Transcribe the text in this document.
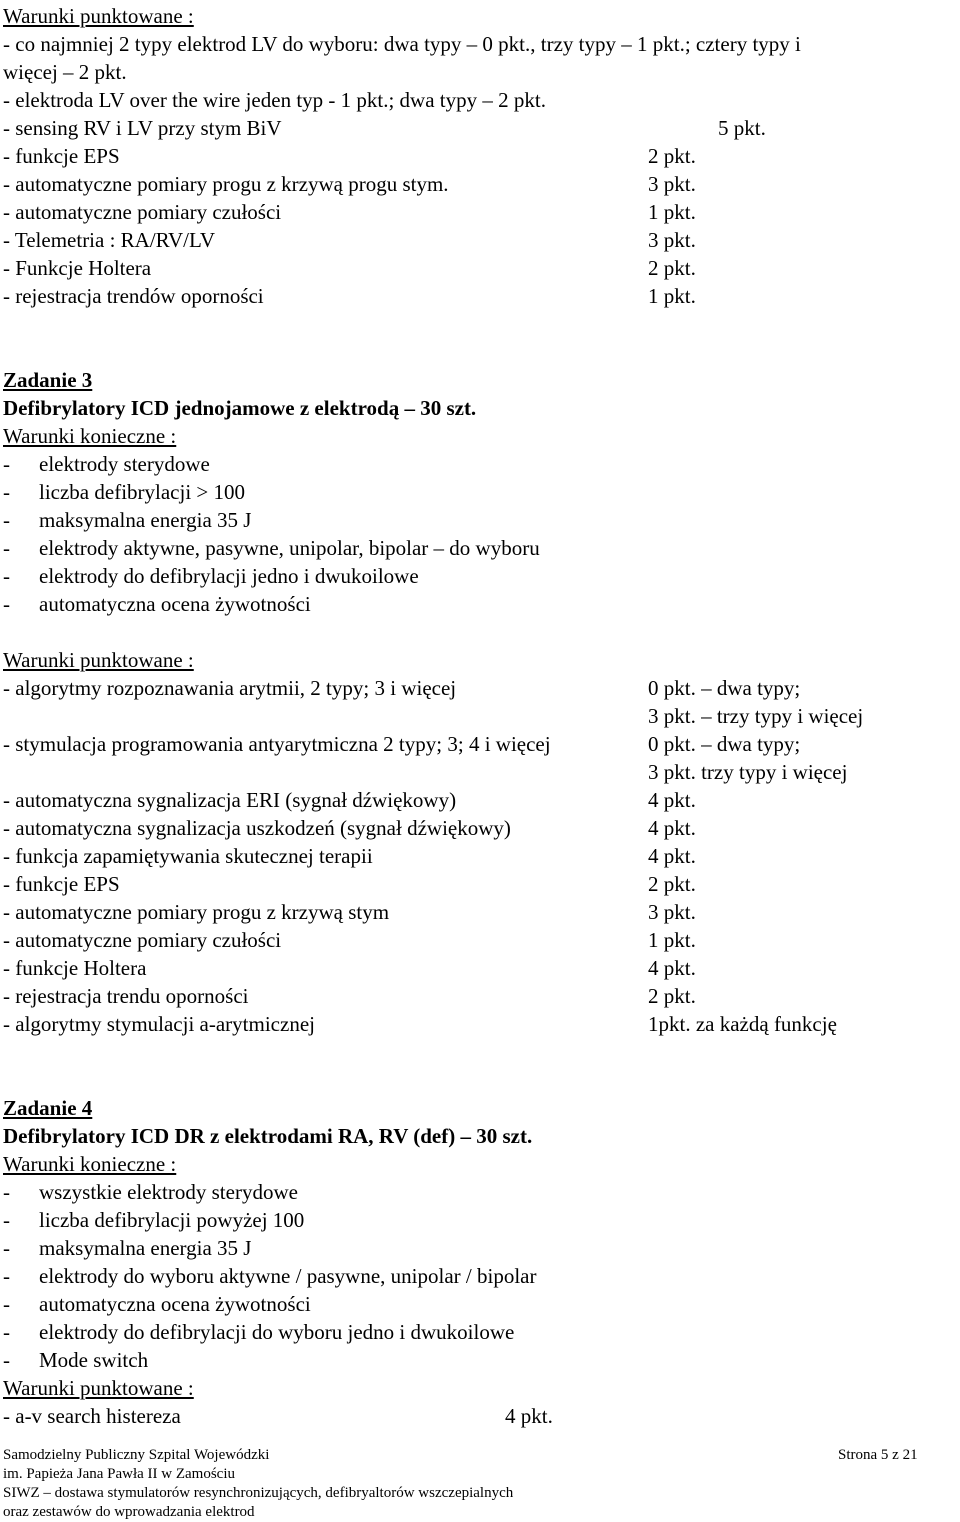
Warunki punktowane :
- co najmniej 2 typy elektrod LV do wyboru: dwa typy – 0 pkt., trzy typy – 1 pkt.; cztery typy i
więcej – 2 pkt.
- elektroda LV over the wire jeden typ - 1 pkt.; dwa typy – 2 pkt.
- sensing RV i LV przy stym BiV	5 pkt.
- funkcje EPS	2 pkt.
- automatyczne pomiary progu z krzywą progu stym.	3 pkt.
- automatyczne pomiary czułości	1 pkt.
- Telemetria : RA/RV/LV	3 pkt.
- Funkcje Holtera	2 pkt.
- rejestracja trendów oporności	1 pkt.
Zadanie 3
Defibrylatory ICD jednojamowe z elektrodą – 30 szt.
Warunki konieczne :
- elektrody sterydowe
- liczba defibrylacji > 100
- maksymalna energia 35 J
- elektrody aktywne, pasywne, unipolar, bipolar – do wyboru
- elektrody do defibrylacji jedno i dwukoilowe
- automatyczna ocena żywotności
Warunki punktowane :
- algorytmy rozpoznawania arytmii, 2 typy; 3 i więcej	0 pkt. – dwa typy;
3 pkt. – trzy typy i więcej
- stymulacja programowania antyarytmiczna 2 typy; 3; 4 i więcej	0 pkt. – dwa typy;
3 pkt. trzy typy i więcej
- automatyczna sygnalizacja ERI (sygnał dźwiękowy)	4 pkt.
- automatyczna sygnalizacja uszkodzeń (sygnał dźwiękowy)	4 pkt.
- funkcja zapamiętywania skutecznej terapii	4 pkt.
- funkcje EPS	2 pkt.
- automatyczne pomiary progu z krzywą stym	3 pkt.
- automatyczne pomiary czułości	1 pkt.
- funkcje Holtera	4 pkt.
- rejestracja trendu oporności	2 pkt.
- algorytmy stymulacji a-arytmicznej	1pkt. za każdą funkcję
Zadanie 4
Defibrylatory ICD DR z elektrodami RA, RV (def) – 30 szt.
Warunki konieczne :
- wszystkie elektrody sterydowe
- liczba defibrylacji powyżej 100
- maksymalna energia 35 J
- elektrody do wyboru aktywne / pasywne, unipolar / bipolar
- automatyczna ocena żywotności
- elektrody do defibrylacji do wyboru jedno i dwukoilowe
- Mode switch
Warunki punktowane :
- a-v search histereza	4 pkt.
Samodzielny Publiczny Szpital Wojewódzki	Strona 5 z 21
im. Papieża Jana Pawła II w Zamościu
SIWZ – dostawa stymulatorów resynchronizujących, defibryaltorów wszczepialnych
oraz zestawów do wprowadzania elektrod
